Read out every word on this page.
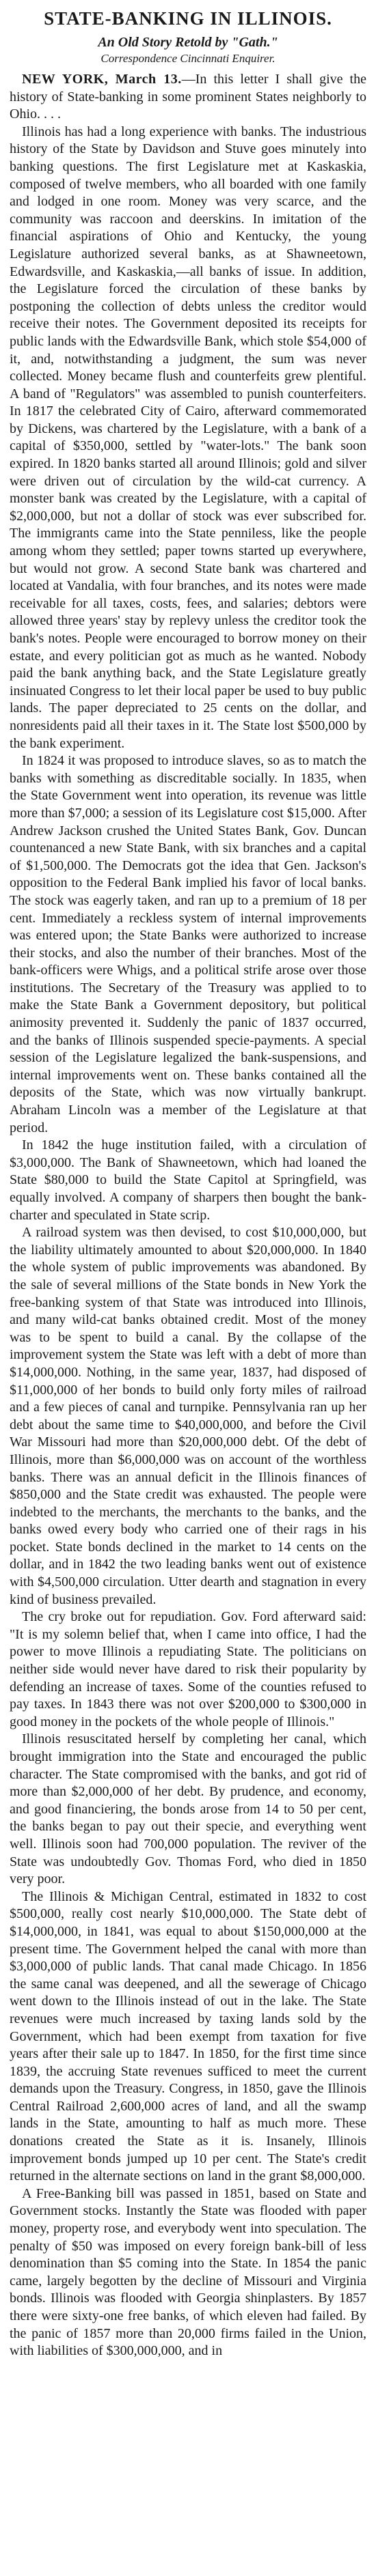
STATE-BANKING IN ILLINOIS.
An Old Story Retold by "Gath."
Correspondence Cincinnati Enquirer.

NEW YORK, March 13.—In this letter I shall give the history of State-banking in some prominent States neighborly to Ohio. . . .

Illinois has had a long experience with banks. The industrious history of the State by Davidson and Stuve goes minutely into banking questions. The first Legislature met at Kaskaskia, composed of twelve members, who all boarded with one family and lodged in one room. Money was very scarce, and the community was raccoon and deerskins. In imitation of the financial aspirations of Ohio and Kentucky, the young Legislature authorized several banks, as at Shawneetown, Edwardsville, and Kaskaskia,—all banks of issue. In addition, the Legislature forced the circulation of these banks by postponing the collection of debts unless the creditor would receive their notes. The Government deposited its receipts for public lands with the Edwardsville Bank, which stole $54,000 of it, and, notwithstanding a judgment, the sum was never collected. Money became flush and counterfeits grew plentiful. A band of "Regulators" was assembled to punish counterfeiters. In 1817 the celebrated City of Cairo, afterward commemorated by Dickens, was chartered by the Legislature, with a bank of a capital of $350,000, settled by "water-lots." The bank soon expired. In 1820 banks started all around Illinois; gold and silver were driven out of circulation by the wild-cat currency. A monster bank was created by the Legislature, with a capital of $2,000,000, but not a dollar of stock was ever subscribed for. The immigrants came into the State penniless, like the people among whom they settled; paper towns started up everywhere, but would not grow. A second State bank was chartered and located at Vandalia, with four branches, and its notes were made receivable for all taxes, costs, fees, and salaries; debtors were allowed three years' stay by replevy unless the creditor took the bank's notes. People were encouraged to borrow money on their estate, and every politician got as much as he wanted. Nobody paid the bank anything back, and the State Legislature greatly insinuated Congress to let their local paper be used to buy public lands. The paper depreciated to 25 cents on the dollar, and nonresidents paid all their taxes in it. The State lost $500,000 by the bank experiment.

In 1824 it was proposed to introduce slaves, so as to match the banks with something as discreditable socially. In 1835, when the State Government went into operation, its revenue was little more than $7,000; a session of its Legislature cost $15,000. After Andrew Jackson crushed the United States Bank, Gov. Duncan countenanced a new State Bank, with six branches and a capital of $1,500,000. The Democrats got the idea that Gen. Jackson's opposition to the Federal Bank implied his favor of local banks. The stock was eagerly taken, and ran up to a premium of 18 per cent. Immediately a reckless system of internal improvements was entered upon; the State Banks were authorized to increase their stocks, and also the number of their branches. Most of the bank-officers were Whigs, and a political strife arose over those institutions. The Secretary of the Treasury was applied to to make the State Bank a Government depository, but political animosity prevented it. Suddenly the panic of 1837 occurred, and the banks of Illinois suspended specie-payments. A special session of the Legislature legalized the bank-suspensions, and internal improvements went on. These banks contained all the deposits of the State, which was now virtually bankrupt. Abraham Lincoln was a member of the Legislature at that period.

In 1842 the huge institution failed, with a circulation of $3,000,000. The Bank of Shawneetown, which had loaned the State $80,000 to build the State Capitol at Springfield, was equally involved. A company of sharpers then bought the bank-charter and speculated in State scrip.

A railroad system was then devised, to cost $10,000,000, but the liability ultimately amounted to about $20,000,000. In 1840 the whole system of public improvements was abandoned. By the sale of several millions of the State bonds in New York the free-banking system of that State was introduced into Illinois, and many wild-cat banks obtained credit. Most of the money was to be spent to build a canal. By the collapse of the improvement system the State was left with a debt of more than $14,000,000. Nothing, in the same year, 1837, had disposed of $11,000,000 of her bonds to build only forty miles of railroad and a few pieces of canal and turnpike. Pennsylvania ran up her debt about the same time to $40,000,000, and before the Civil War Missouri had more than $20,000,000 debt. Of the debt of Illinois, more than $6,000,000 was on account of the worthless banks. There was an annual deficit in the Illinois finances of $850,000 and the State credit was exhausted. The people were indebted to the merchants, the merchants to the banks, and the banks owed every body who carried one of their rags in his pocket. State bonds declined in the market to 14 cents on the dollar, and in 1842 the two leading banks went out of existence with $4,500,000 circulation. Utter dearth and stagnation in every kind of business prevailed.

The cry broke out for repudiation. Gov. Ford afterward said: "It is my solemn belief that, when I came into office, I had the power to move Illinois a repudiating State. The politicians on neither side would never have dared to risk their popularity by defending an increase of taxes. Some of the counties refused to pay taxes. In 1843 there was not over $200,000 to $300,000 in good money in the pockets of the whole people of Illinois."

Illinois resuscitated herself by completing her canal, which brought immigration into the State and encouraged the public character. The State compromised with the banks, and got rid of more than $2,000,000 of her debt. By prudence, and economy, and good financiering, the bonds arose from 14 to 50 per cent, the banks began to pay out their specie, and everything went well. Illinois soon had 700,000 population. The reviver of the State was undoubtedly Gov. Thomas Ford, who died in 1850 very poor.

The Illinois & Michigan Central, estimated in 1832 to cost $500,000, really cost nearly $10,000,000. The State debt of $14,000,000, in 1841, was equal to about $150,000,000 at the present time. The Government helped the canal with more than $3,000,000 of public lands. That canal made Chicago. In 1856 the same canal was deepened, and all the sewerage of Chicago went down to the Illinois instead of out in the lake. The State revenues were much increased by taxing lands sold by the Government, which had been exempt from taxation for five years after their sale up to 1847. In 1850, for the first time since 1839, the accruing State revenues sufficed to meet the current demands upon the Treasury. Congress, in 1850, gave the Illinois Central Railroad 2,600,000 acres of land, and all the swamp lands in the State, amounting to half as much more. These donations created the State as it is. Insanely, Illinois improvement bonds jumped up 10 per cent. The State's credit returned in the alternate sections on land in the grant $8,000,000.

A Free-Banking bill was passed in 1851, based on State and Government stocks. Instantly the State was flooded with paper money, property rose, and everybody went into speculation. The penalty of $50 was imposed on every foreign bank-bill of less denomination than $5 coming into the State. In 1854 the panic came, largely begotten by the decline of Missouri and Virginia bonds. Illinois was flooded with Georgia shinplasters. By 1857 there were sixty-one free banks, of which eleven had failed. By the panic of 1857 more than 20,000 firms failed in the Union, with liabilities of $300,000,000, and in
